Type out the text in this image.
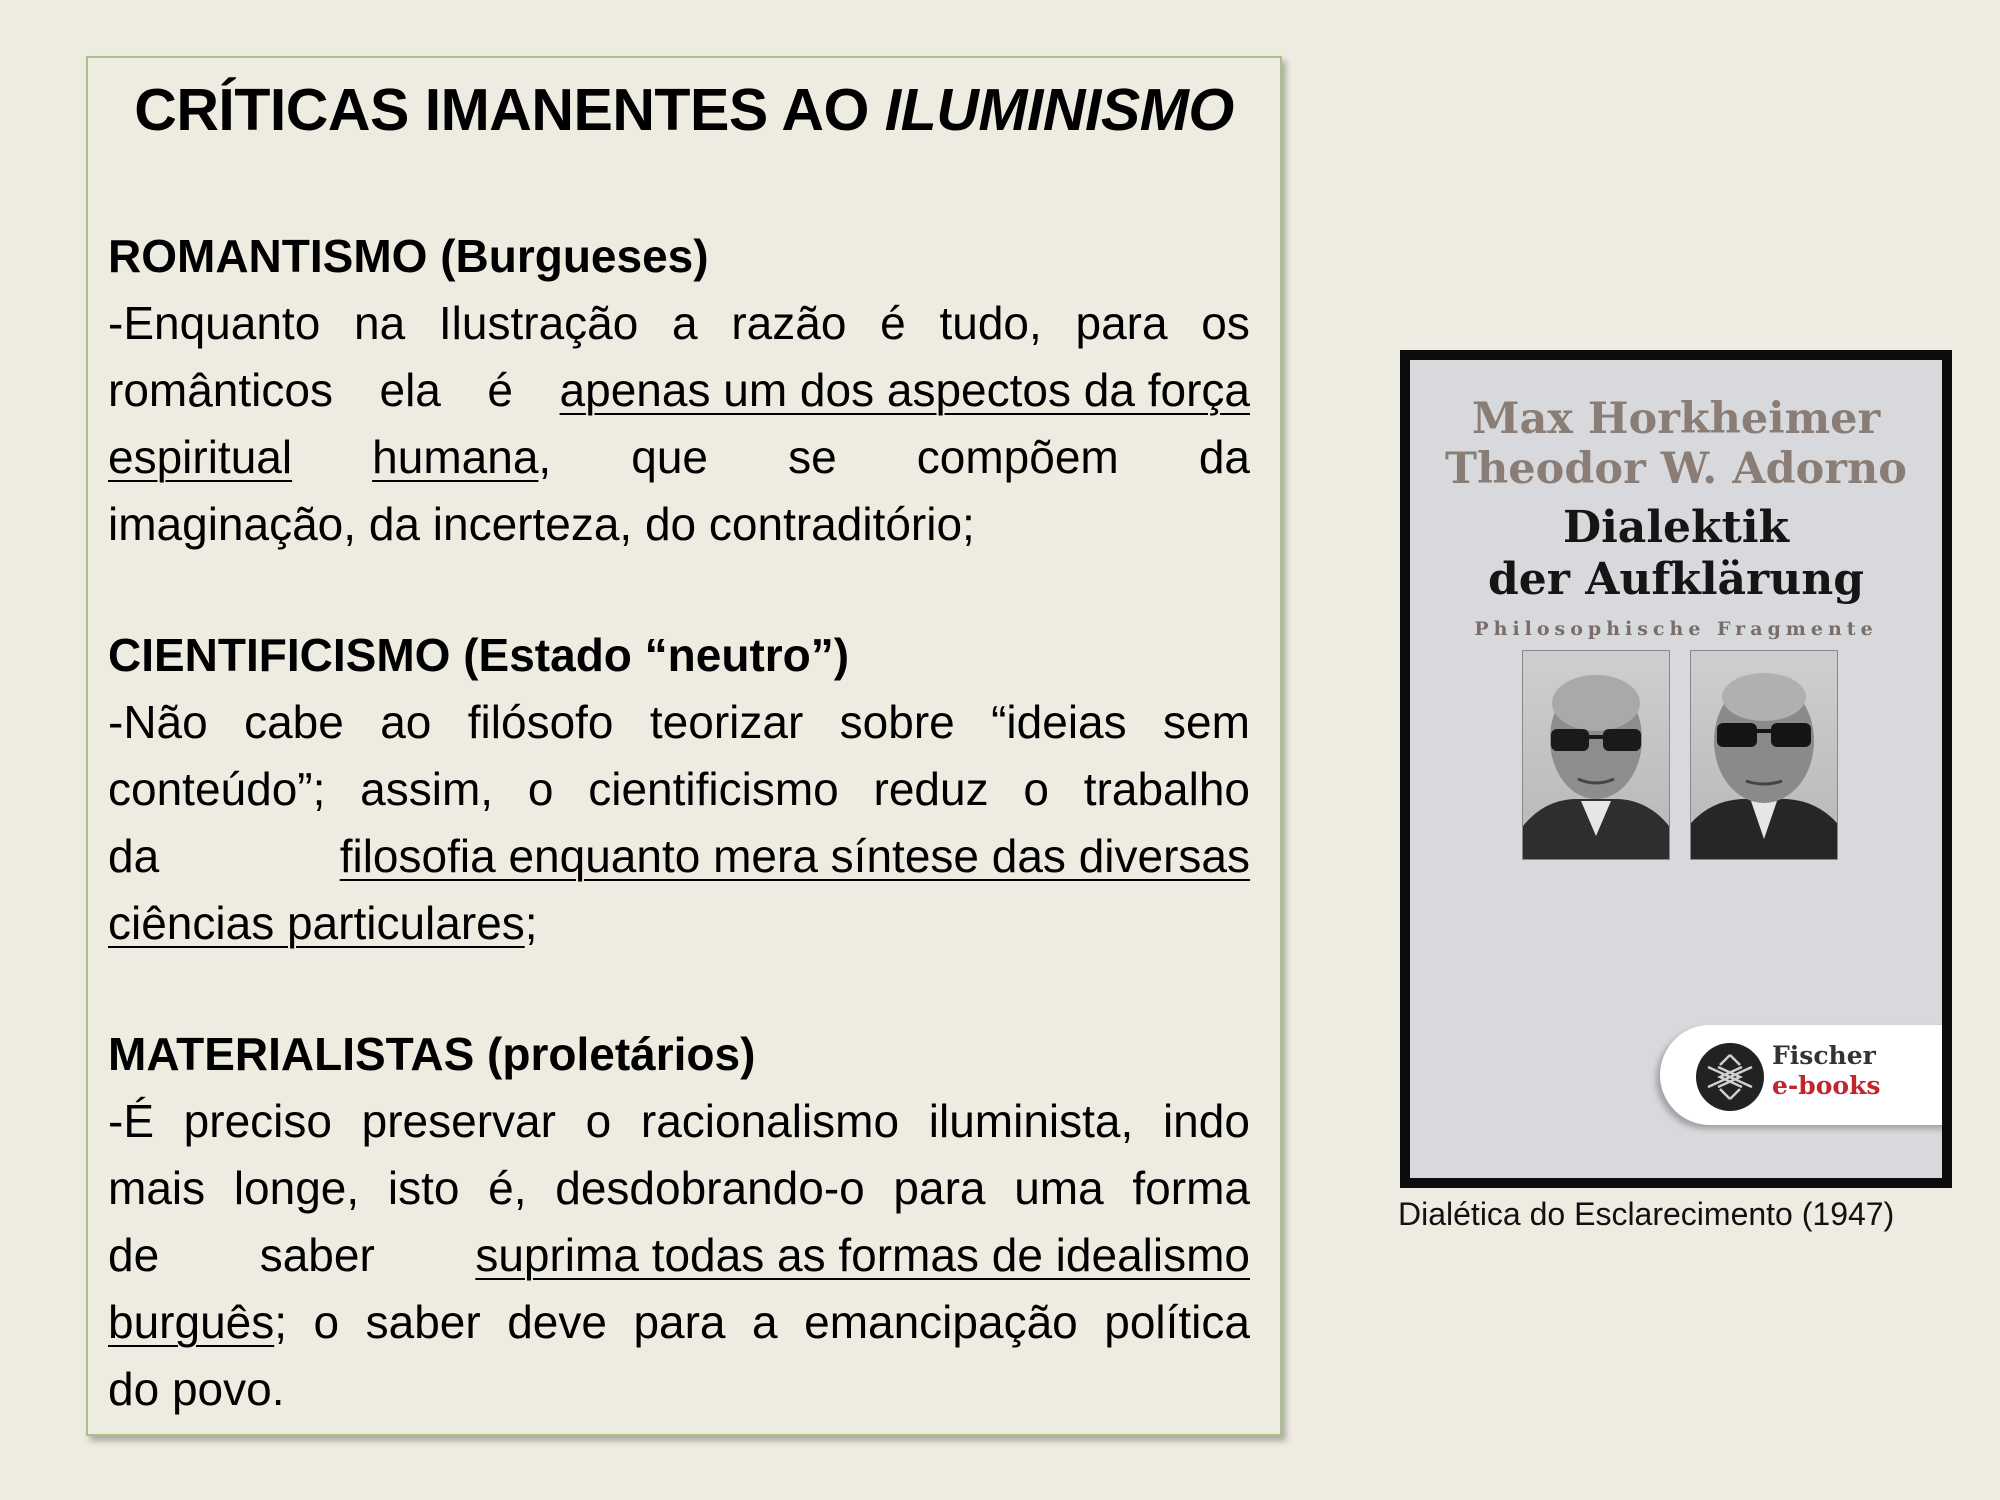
CRÍTICAS IMANENTES AO ILUMINISMO
ROMANTISMO (Burgueses)
-Enquanto na Ilustração a razão é tudo, para os
românticos ela é apenas um dos aspectos da força
espiritual humana, que se compõem da
imaginação, da incerteza, do contraditório;
CIENTIFICISMO (Estado “neutro”)
-Não cabe ao filósofo teorizar sobre “ideias sem
conteúdo”; assim, o cientificismo reduz o trabalho
da	filosofia enquanto mera síntese das diversas
ciências particulares;
MATERIALISTAS (proletários)
-É preciso preservar o racionalismo iluminista, indo
mais longe, isto é, desdobrando-o para uma forma
de saber suprima todas as formas de idealismo
burguês; o saber deve para a emancipação política
do povo.
Max Horkheimer
Theodor W. Adorno
Dialektik
der Aufklärung
Philosophische Fragmente
Fischer
e-books
Dialética do Esclarecimento (1947)
